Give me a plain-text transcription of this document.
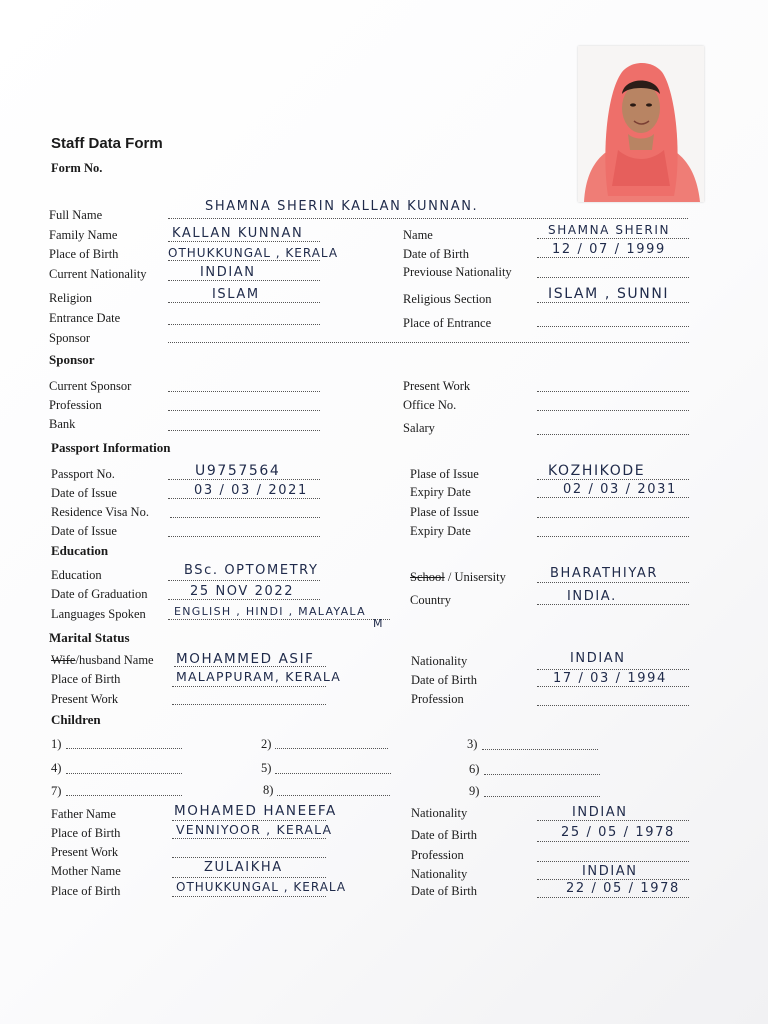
Staff Data Form
Form No.
Full Name
SHAMNA SHERIN KALLAN KUNNAN.
Family Name	KALLAN KUNNAN	Name	SHAMNA SHERIN
Place of Birth	OTHUKKUNGAL , KERALA	Date of Birth	12 / 07 / 1999
Current Nationality	INDIAN	Previouse Nationality
Religion	ISLAM	Religious Section	ISLAM , SUNNI
Entrance Date	Place of Entrance
Sponsor
Sponsor
Current Sponsor	Present Work
Profession	Office No.
Bank	Salary
Passport Information
Passport No.	U9757564	Plase of Issue	KOZHIKODE
Date of Issue	03 / 03 / 2021	Expiry Date	02 / 03 / 2031
Residence Visa No.	Plase of Issue
Date of Issue	Expiry Date
Education
Education	BSc. OPTOMETRY	School / Unisersity	BHARATHIYAR
Date of Graduation	25 NOV 2022
Country	INDIA.
Languages Spoken	ENGLISH , HINDI , MALAYALA
M
Marital Status
Wife/husband Name MOHAMMED ASIF	Nationality	INDIAN
Place of Birth	MALAPPURAM, KERALA	Date of Birth	17 / 03 / 1994
Present Work	Profession
Children
1)	2)	3)
4)	5)	6)
7)	8)	9)
Father Name	MOHAMED HANEEFA	Nationality	INDIAN
Place of Birth	VENNIYOOR , KERALA	Date of Birth	25 / 05 / 1978
Present Work	Profession
Mother Name	ZULAIKHA	Nationality	INDIAN
Place of Birth	OTHUKKUNGAL , KERALA	Date of Birth	22 / 05 / 1978
